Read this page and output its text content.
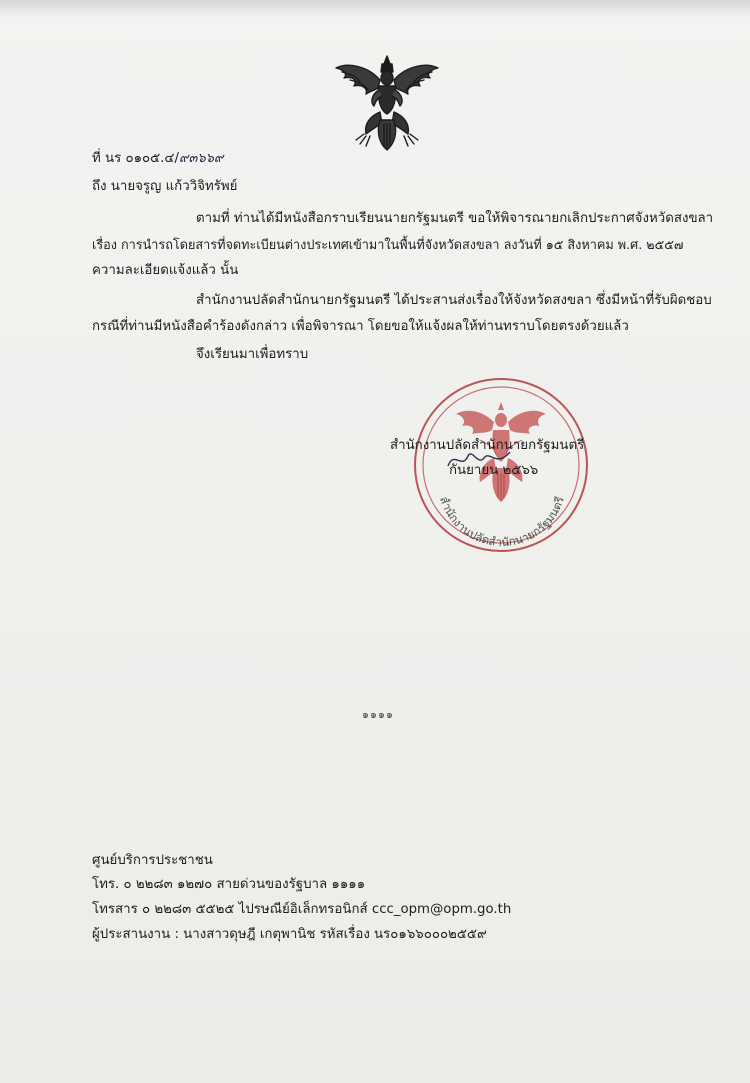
ที่ นร ๐๑๐๕.๔/๙๓๖๖๙
ถึง นายจรูญ แก้ววิจิทรัพย์
ตามที่ ท่านได้มีหนังสือกราบเรียนนายกรัฐมนตรี ขอให้พิจารณายกเลิกประกาศจังหวัดสงขลา
เรื่อง การนำรถโดยสารที่จดทะเบียนต่างประเทศเข้ามาในพื้นที่จังหวัดสงขลา ลงวันที่ ๑๕ สิงหาคม พ.ศ. ๒๕๕๗
ความละเอียดแจ้งแล้ว นั้น
สำนักงานปลัดสำนักนายกรัฐมนตรี ได้ประสานส่งเรื่องให้จังหวัดสงขลา ซึ่งมีหน้าที่รับผิดชอบ
กรณีที่ท่านมีหนังสือคำร้องดังกล่าว เพื่อพิจารณา โดยขอให้แจ้งผลให้ท่านทราบโดยตรงด้วยแล้ว
จึงเรียนมาเพื่อทราบ
สำนักงานปลัดสำนักนายกรัฐมนตรี
สำนักงานปลัดสำนักนายกรัฐมนตรี
กันยายน ๒๕๖๖
๑๑๑๑
ศูนย์บริการประชาชน
โทร. ๐ ๒๒๘๓ ๑๒๗๐ สายด่วนของรัฐบาล ๑๑๑๑
โทรสาร ๐ ๒๒๘๓ ๕๕๒๕ ไปรษณีย์อิเล็กทรอนิกส์ ccc_opm@opm.go.th
ผู้ประสานงาน : นางสาวดุษฎี เกตุพานิช รหัสเรื่อง นร๐๑๖๖๐๐๐๒๕๕๙
